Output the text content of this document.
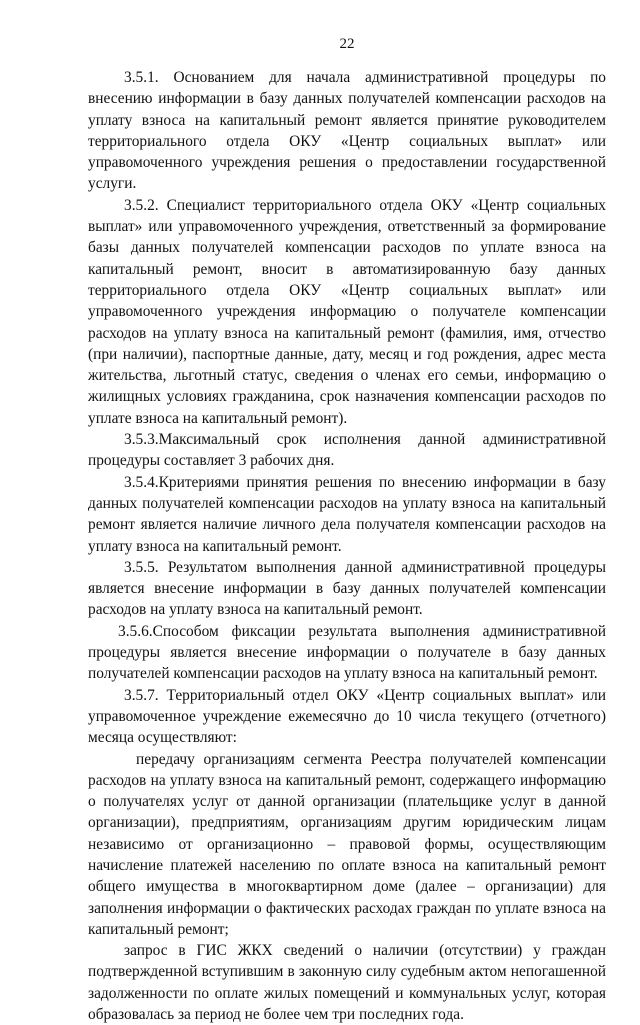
22

3.5.1. Основанием для начала административной процедуры по внесению информации в базу данных получателей компенсации расходов на уплату взноса на капитальный ремонт является принятие руководителем территориального отдела ОКУ «Центр социальных выплат» или управомоченного учреждения решения о предоставлении государственной услуги.

3.5.2. Специалист территориального отдела ОКУ «Центр социальных выплат» или управомоченного учреждения, ответственный за формирование базы данных получателей компенсации расходов по уплате взноса на капитальный ремонт, вносит в автоматизированную базу данных территориального отдела ОКУ «Центр социальных выплат» или управомоченного учреждения информацию о получателе компенсации расходов на уплату взноса на капитальный ремонт (фамилия, имя, отчество (при наличии), паспортные данные, дату, месяц и год рождения, адрес места жительства, льготный статус, сведения о членах его семьи, информацию о жилищных условиях гражданина, срок назначения компенсации расходов по уплате взноса на капитальный ремонт).

3.5.3.Максимальный срок исполнения данной административной процедуры составляет 3 рабочих дня.

3.5.4.Критериями принятия решения по внесению информации в базу данных получателей компенсации расходов на уплату взноса на капитальный ремонт является наличие личного дела получателя компенсации расходов на уплату взноса на капитальный ремонт.

3.5.5. Результатом выполнения данной административной процедуры является внесение информации в базу данных получателей компенсации расходов на уплату взноса на капитальный ремонт.

3.5.6.Способом фиксации результата выполнения административной процедуры является внесение информации о получателе в базу данных получателей компенсации расходов на уплату взноса на капитальный ремонт.

3.5.7. Территориальный отдел ОКУ «Центр социальных выплат» или управомоченное учреждение ежемесячно до 10 числа текущего (отчетного) месяца осуществляют:

передачу организациям сегмента Реестра получателей компенсации расходов на уплату взноса на капитальный ремонт, содержащего информацию о получателях услуг от данной организации (плательщике услуг в данной организации), предприятиям, организациям другим юридическим лицам независимо от организационно – правовой формы, осуществляющим начисление платежей населению по оплате взноса на капитальный ремонт общего имущества в многоквартирном доме (далее – организации) для заполнения информации о фактических расходах граждан по уплате взноса на капитальный ремонт;

запрос в ГИС ЖКХ сведений о наличии (отсутствии) у граждан подтвержденной вступившим в законную силу судебным актом непогашенной задолженности по оплате жилых помещений и коммунальных услуг, которая образовалась за период не более чем три последних года.
